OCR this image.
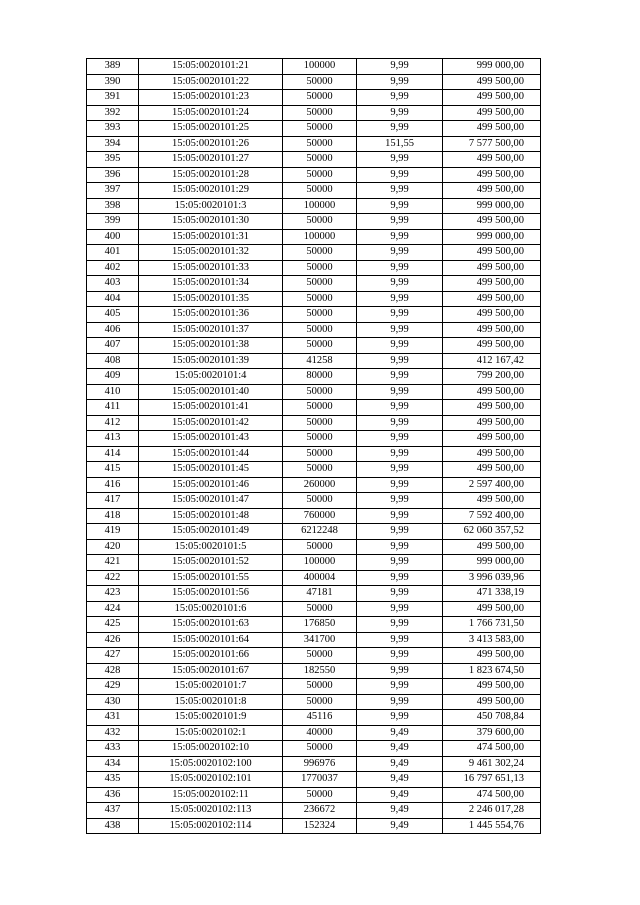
389	15:05:0020101:21	100000	9,99	999 000,00
390	15:05:0020101:22	50000	9,99	499 500,00
391	15:05:0020101:23	50000	9,99	499 500,00
392	15:05:0020101:24	50000	9,99	499 500,00
393	15:05:0020101:25	50000	9,99	499 500,00
394	15:05:0020101:26	50000	151,55	7 577 500,00
395	15:05:0020101:27	50000	9,99	499 500,00
396	15:05:0020101:28	50000	9,99	499 500,00
397	15:05:0020101:29	50000	9,99	499 500,00
398	15:05:0020101:3	100000	9,99	999 000,00
399	15:05:0020101:30	50000	9,99	499 500,00
400	15:05:0020101:31	100000	9,99	999 000,00
401	15:05:0020101:32	50000	9,99	499 500,00
402	15:05:0020101:33	50000	9,99	499 500,00
403	15:05:0020101:34	50000	9,99	499 500,00
404	15:05:0020101:35	50000	9,99	499 500,00
405	15:05:0020101:36	50000	9,99	499 500,00
406	15:05:0020101:37	50000	9,99	499 500,00
407	15:05:0020101:38	50000	9,99	499 500,00
408	15:05:0020101:39	41258	9,99	412 167,42
409	15:05:0020101:4	80000	9,99	799 200,00
410	15:05:0020101:40	50000	9,99	499 500,00
411	15:05:0020101:41	50000	9,99	499 500,00
412	15:05:0020101:42	50000	9,99	499 500,00
413	15:05:0020101:43	50000	9,99	499 500,00
414	15:05:0020101:44	50000	9,99	499 500,00
415	15:05:0020101:45	50000	9,99	499 500,00
416	15:05:0020101:46	260000	9,99	2 597 400,00
417	15:05:0020101:47	50000	9,99	499 500,00
418	15:05:0020101:48	760000	9,99	7 592 400,00
419	15:05:0020101:49	6212248	9,99	62 060 357,52
420	15:05:0020101:5	50000	9,99	499 500,00
421	15:05:0020101:52	100000	9,99	999 000,00
422	15:05:0020101:55	400004	9,99	3 996 039,96
423	15:05:0020101:56	47181	9,99	471 338,19
424	15:05:0020101:6	50000	9,99	499 500,00
425	15:05:0020101:63	176850	9,99	1 766 731,50
426	15:05:0020101:64	341700	9,99	3 413 583,00
427	15:05:0020101:66	50000	9,99	499 500,00
428	15:05:0020101:67	182550	9,99	1 823 674,50
429	15:05:0020101:7	50000	9,99	499 500,00
430	15:05:0020101:8	50000	9,99	499 500,00
431	15:05:0020101:9	45116	9,99	450 708,84
432	15:05:0020102:1	40000	9,49	379 600,00
433	15:05:0020102:10	50000	9,49	474 500,00
434	15:05:0020102:100	996976	9,49	9 461 302,24
435	15:05:0020102:101	1770037	9,49	16 797 651,13
436	15:05:0020102:11	50000	9,49	474 500,00
437	15:05:0020102:113	236672	9,49	2 246 017,28
438	15:05:0020102:114	152324	9,49	1 445 554,76
